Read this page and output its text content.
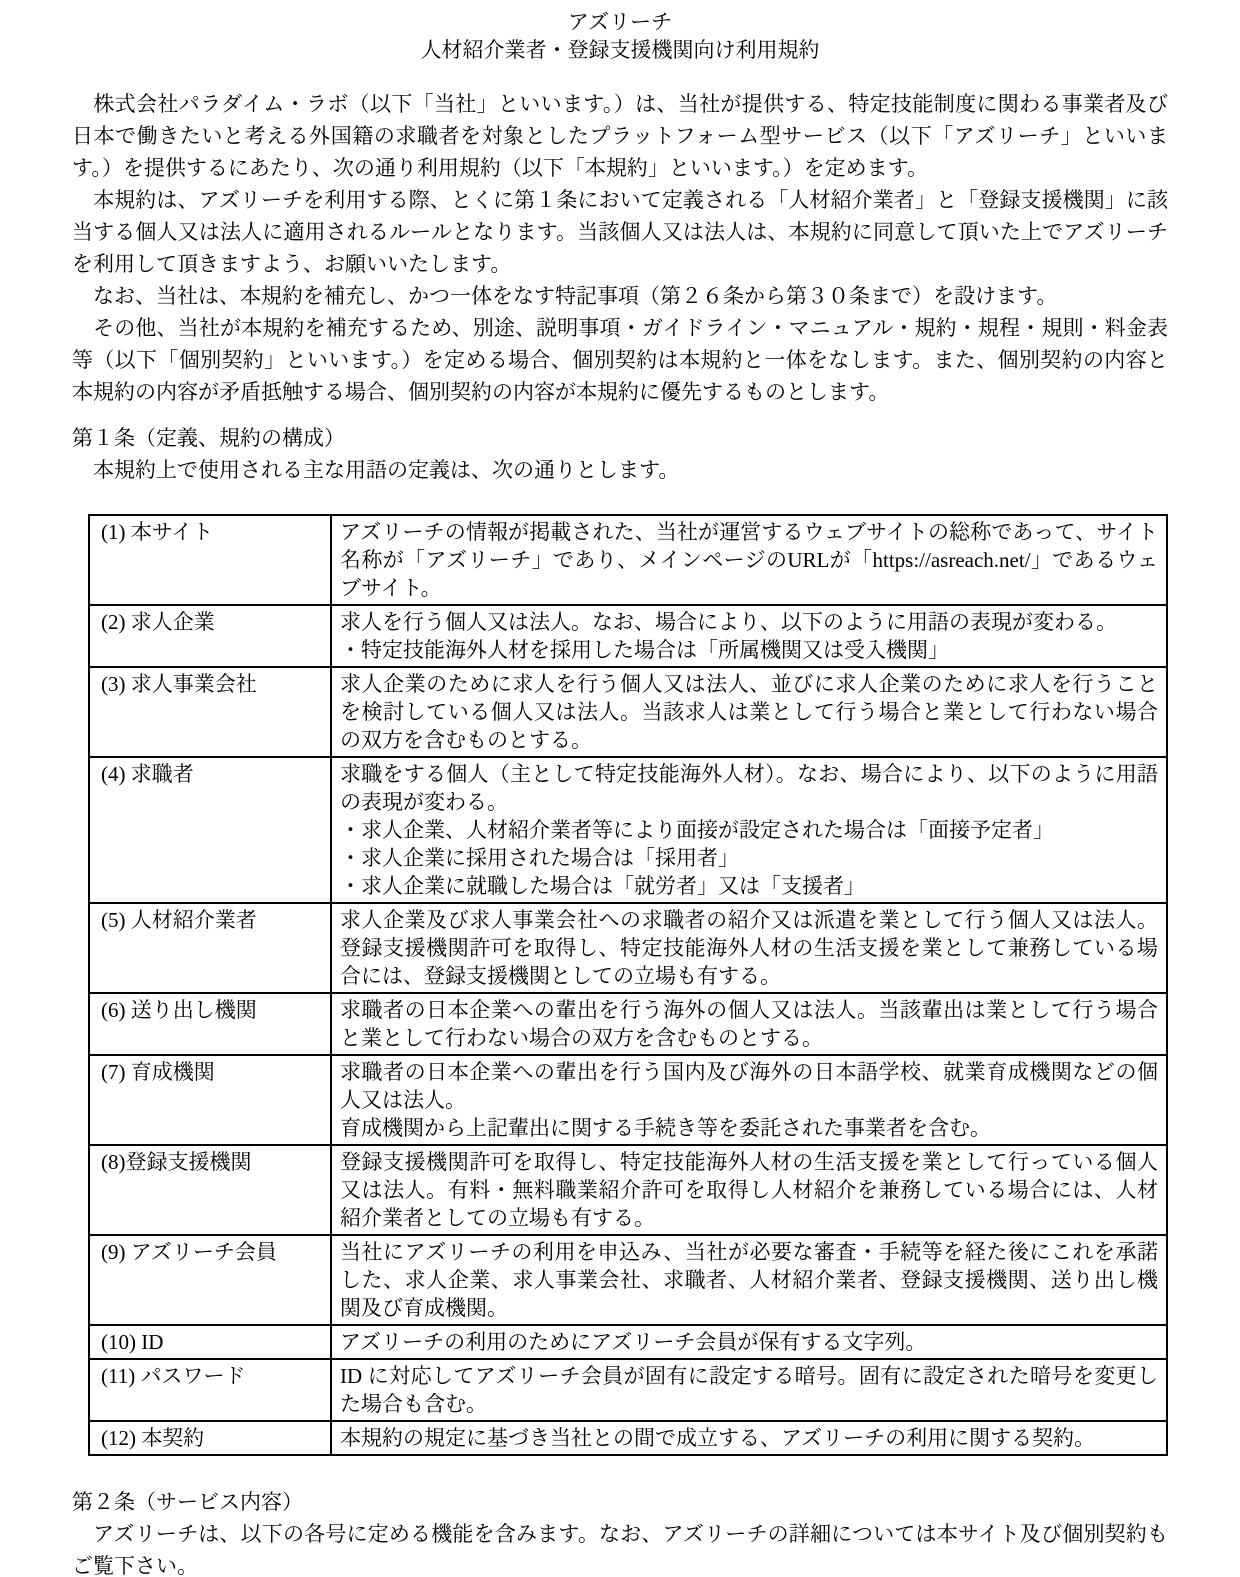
アズリーチ
人材紹介業者・登録支援機関向け利用規約

　株式会社パラダイム・ラボ（以下「当社」といいます。）は、当社が提供する、特定技能制度に関わる事業者及び日本で働きたいと考える外国籍の求職者を対象としたプラットフォーム型サービス（以下「アズリーチ」といいます。）を提供するにあたり、次の通り利用規約（以下「本規約」といいます。）を定めます。

　本規約は、アズリーチを利用する際、とくに第１条において定義される「人材紹介業者」と「登録支援機関」に該当する個人又は法人に適用されるルールとなります。当該個人又は法人は、本規約に同意して頂いた上でアズリーチを利用して頂きますよう、お願いいたします。

　なお、当社は、本規約を補充し、かつ一体をなす特記事項（第２６条から第３０条まで）を設けます。

　その他、当社が本規約を補充するため、別途、説明事項・ガイドライン・マニュアル・規約・規程・規則・料金表等（以下「個別契約」といいます。）を定める場合、個別契約は本規約と一体をなします。また、個別契約の内容と本規約の内容が矛盾抵触する場合、個別契約の内容が本規約に優先するものとします。

第１条（定義、規約の構成）

　本規約上で使用される主な用語の定義は、次の通りとします。

(1) 本サイト	アズリーチの情報が掲載された、当社が運営するウェブサイトの総称であって、サイト名称が「アズリーチ」であり、メインページのURLが「https://asreach.net/」であるウェブサイト。

(2) 求人企業	求人を行う個人又は法人。なお、場合により、以下のように用語の表現が変わる。
・特定技能海外人材を採用した場合は「所属機関又は受入機関」

(3) 求人事業会社	求人企業のために求人を行う個人又は法人、並びに求人企業のために求人を行うことを検討している個人又は法人。当該求人は業として行う場合と業として行わない場合の双方を含むものとする。

(4) 求職者	求職をする個人（主として特定技能海外人材）。なお、場合により、以下のように用語の表現が変わる。
・求人企業、人材紹介業者等により面接が設定された場合は「面接予定者」
・求人企業に採用された場合は「採用者」
・求人企業に就職した場合は「就労者」又は「支援者」

(5) 人材紹介業者	求人企業及び求人事業会社への求職者の紹介又は派遣を業として行う個人又は法人。登録支援機関許可を取得し、特定技能海外人材の生活支援を業として兼務している場合には、登録支援機関としての立場も有する。

(6) 送り出し機関	求職者の日本企業への輩出を行う海外の個人又は法人。当該輩出は業として行う場合と業として行わない場合の双方を含むものとする。

(7) 育成機関	求職者の日本企業への輩出を行う国内及び海外の日本語学校、就業育成機関などの個人又は法人。
育成機関から上記輩出に関する手続き等を委託された事業者を含む。

(8)登録支援機関	登録支援機関許可を取得し、特定技能海外人材の生活支援を業として行っている個人又は法人。有料・無料職業紹介許可を取得し人材紹介を兼務している場合には、人材紹介業者としての立場も有する。

(9) アズリーチ会員	当社にアズリーチの利用を申込み、当社が必要な審査・手続等を経た後にこれを承諾した、求人企業、求人事業会社、求職者、人材紹介業者、登録支援機関、送り出し機関及び育成機関。

(10) ID	アズリーチの利用のためにアズリーチ会員が保有する文字列。

(11) パスワード	ID に対応してアズリーチ会員が固有に設定する暗号。固有に設定された暗号を変更した場合も含む。

(12) 本契約	本規約の規定に基づき当社との間で成立する、アズリーチの利用に関する契約。
第２条（サービス内容）

　アズリーチは、以下の各号に定める機能を含みます。なお、アズリーチの詳細については本サイト及び個別契約もご覧下さい。
